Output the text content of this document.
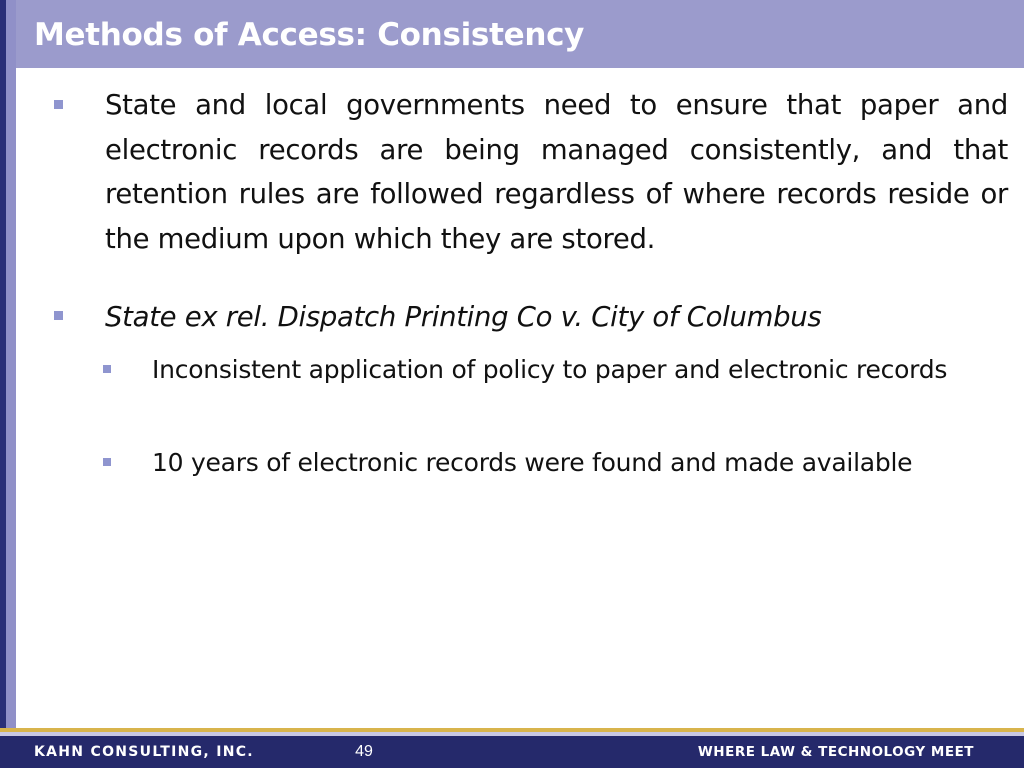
Methods of Access: Consistency

State and local governments need to ensure that paper and electronic records are being managed consistently, and that retention rules are followed regardless of where records reside or the medium upon which they are stored.

State ex rel. Dispatch Printing Co v. City of Columbus

Inconsistent application of policy to paper and electronic records

10 years of electronic records were found and made available

KAHN CONSULTING, INC.	49	WHERE LAW & TECHNOLOGY MEET
